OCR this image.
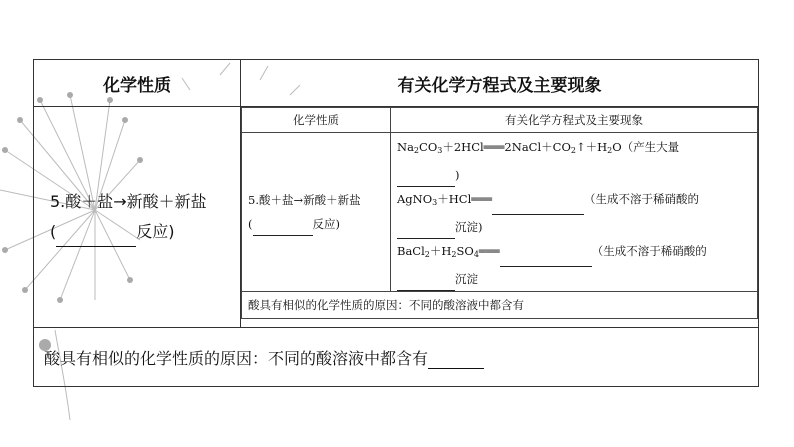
化学性质	有关化学方程式及主要现象

5.酸＋盐→新酸＋新盐
(	反应)

化学性质	有关化学方程式及主要现象

5.酸＋盐→新酸＋新盐
(	反应)

$Na_2CO_3+2HCl═══2NaCl+CO_2↑+H_2O$（产生大量
)
AgNO$_3$＋HCl═══	（生成不溶于稀硝酸的
沉淀)
$BaCl_2+H_2SO_4═══$	（生成不溶于稀硝酸的
沉淀

酸具有相似的化学性质的原因：不同的酸溶液中都含有

酸具有相似的化学性质的原因：不同的酸溶液中都含有
